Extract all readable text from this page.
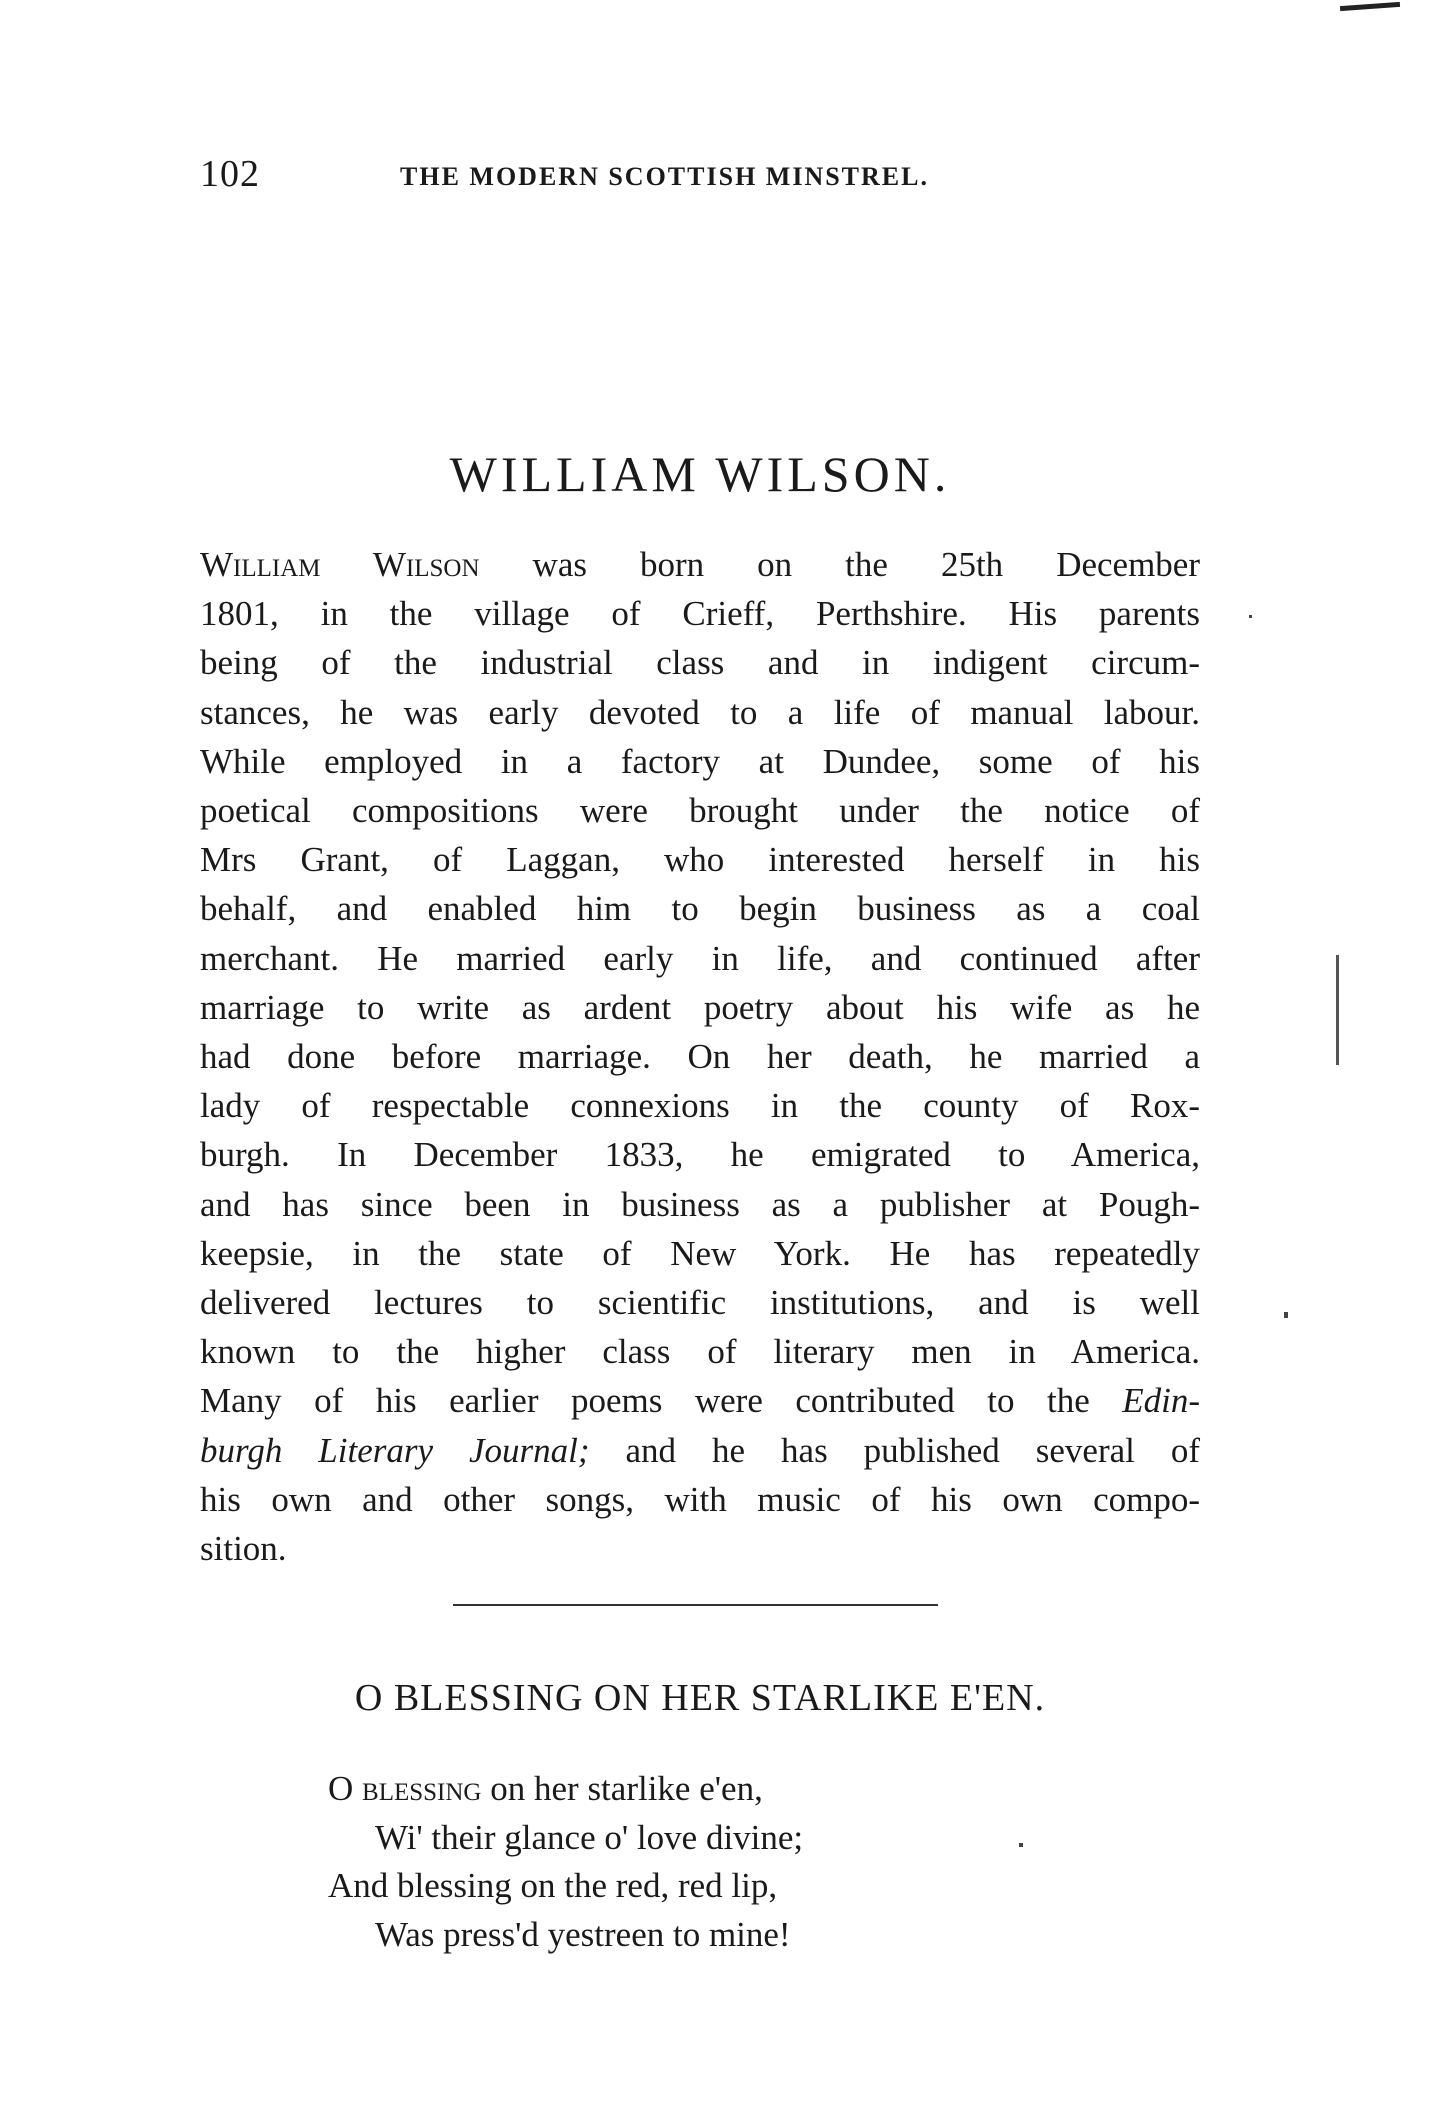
102	THE MODERN SCOTTISH MINSTREL.
WILLIAM WILSON.
William Wilson was born on the 25th December
1801, in the village of Crieff, Perthshire. His parents
being of the industrial class and in indigent circum-
stances, he was early devoted to a life of manual labour.
While employed in a factory at Dundee, some of his
poetical compositions were brought under the notice of
Mrs Grant, of Laggan, who interested herself in his
behalf, and enabled him to begin business as a coal
merchant. He married early in life, and continued after
marriage to write as ardent poetry about his wife as he
had done before marriage. On her death, he married a
lady of respectable connexions in the county of Rox-
burgh. In December 1833, he emigrated to America,
and has since been in business as a publisher at Pough-
keepsie, in the state of New York. He has repeatedly
delivered lectures to scientific institutions, and is well
known to the higher class of literary men in America.
Many of his earlier poems were contributed to the Edin-
burgh Literary Journal; and he has published several of
his own and other songs, with music of his own compo-
sition.
O BLESSING ON HER STARLIKE E'EN.
O blessing on her starlike e'en,
Wi' their glance o' love divine;
And blessing on the red, red lip,
Was press'd yestreen to mine!
